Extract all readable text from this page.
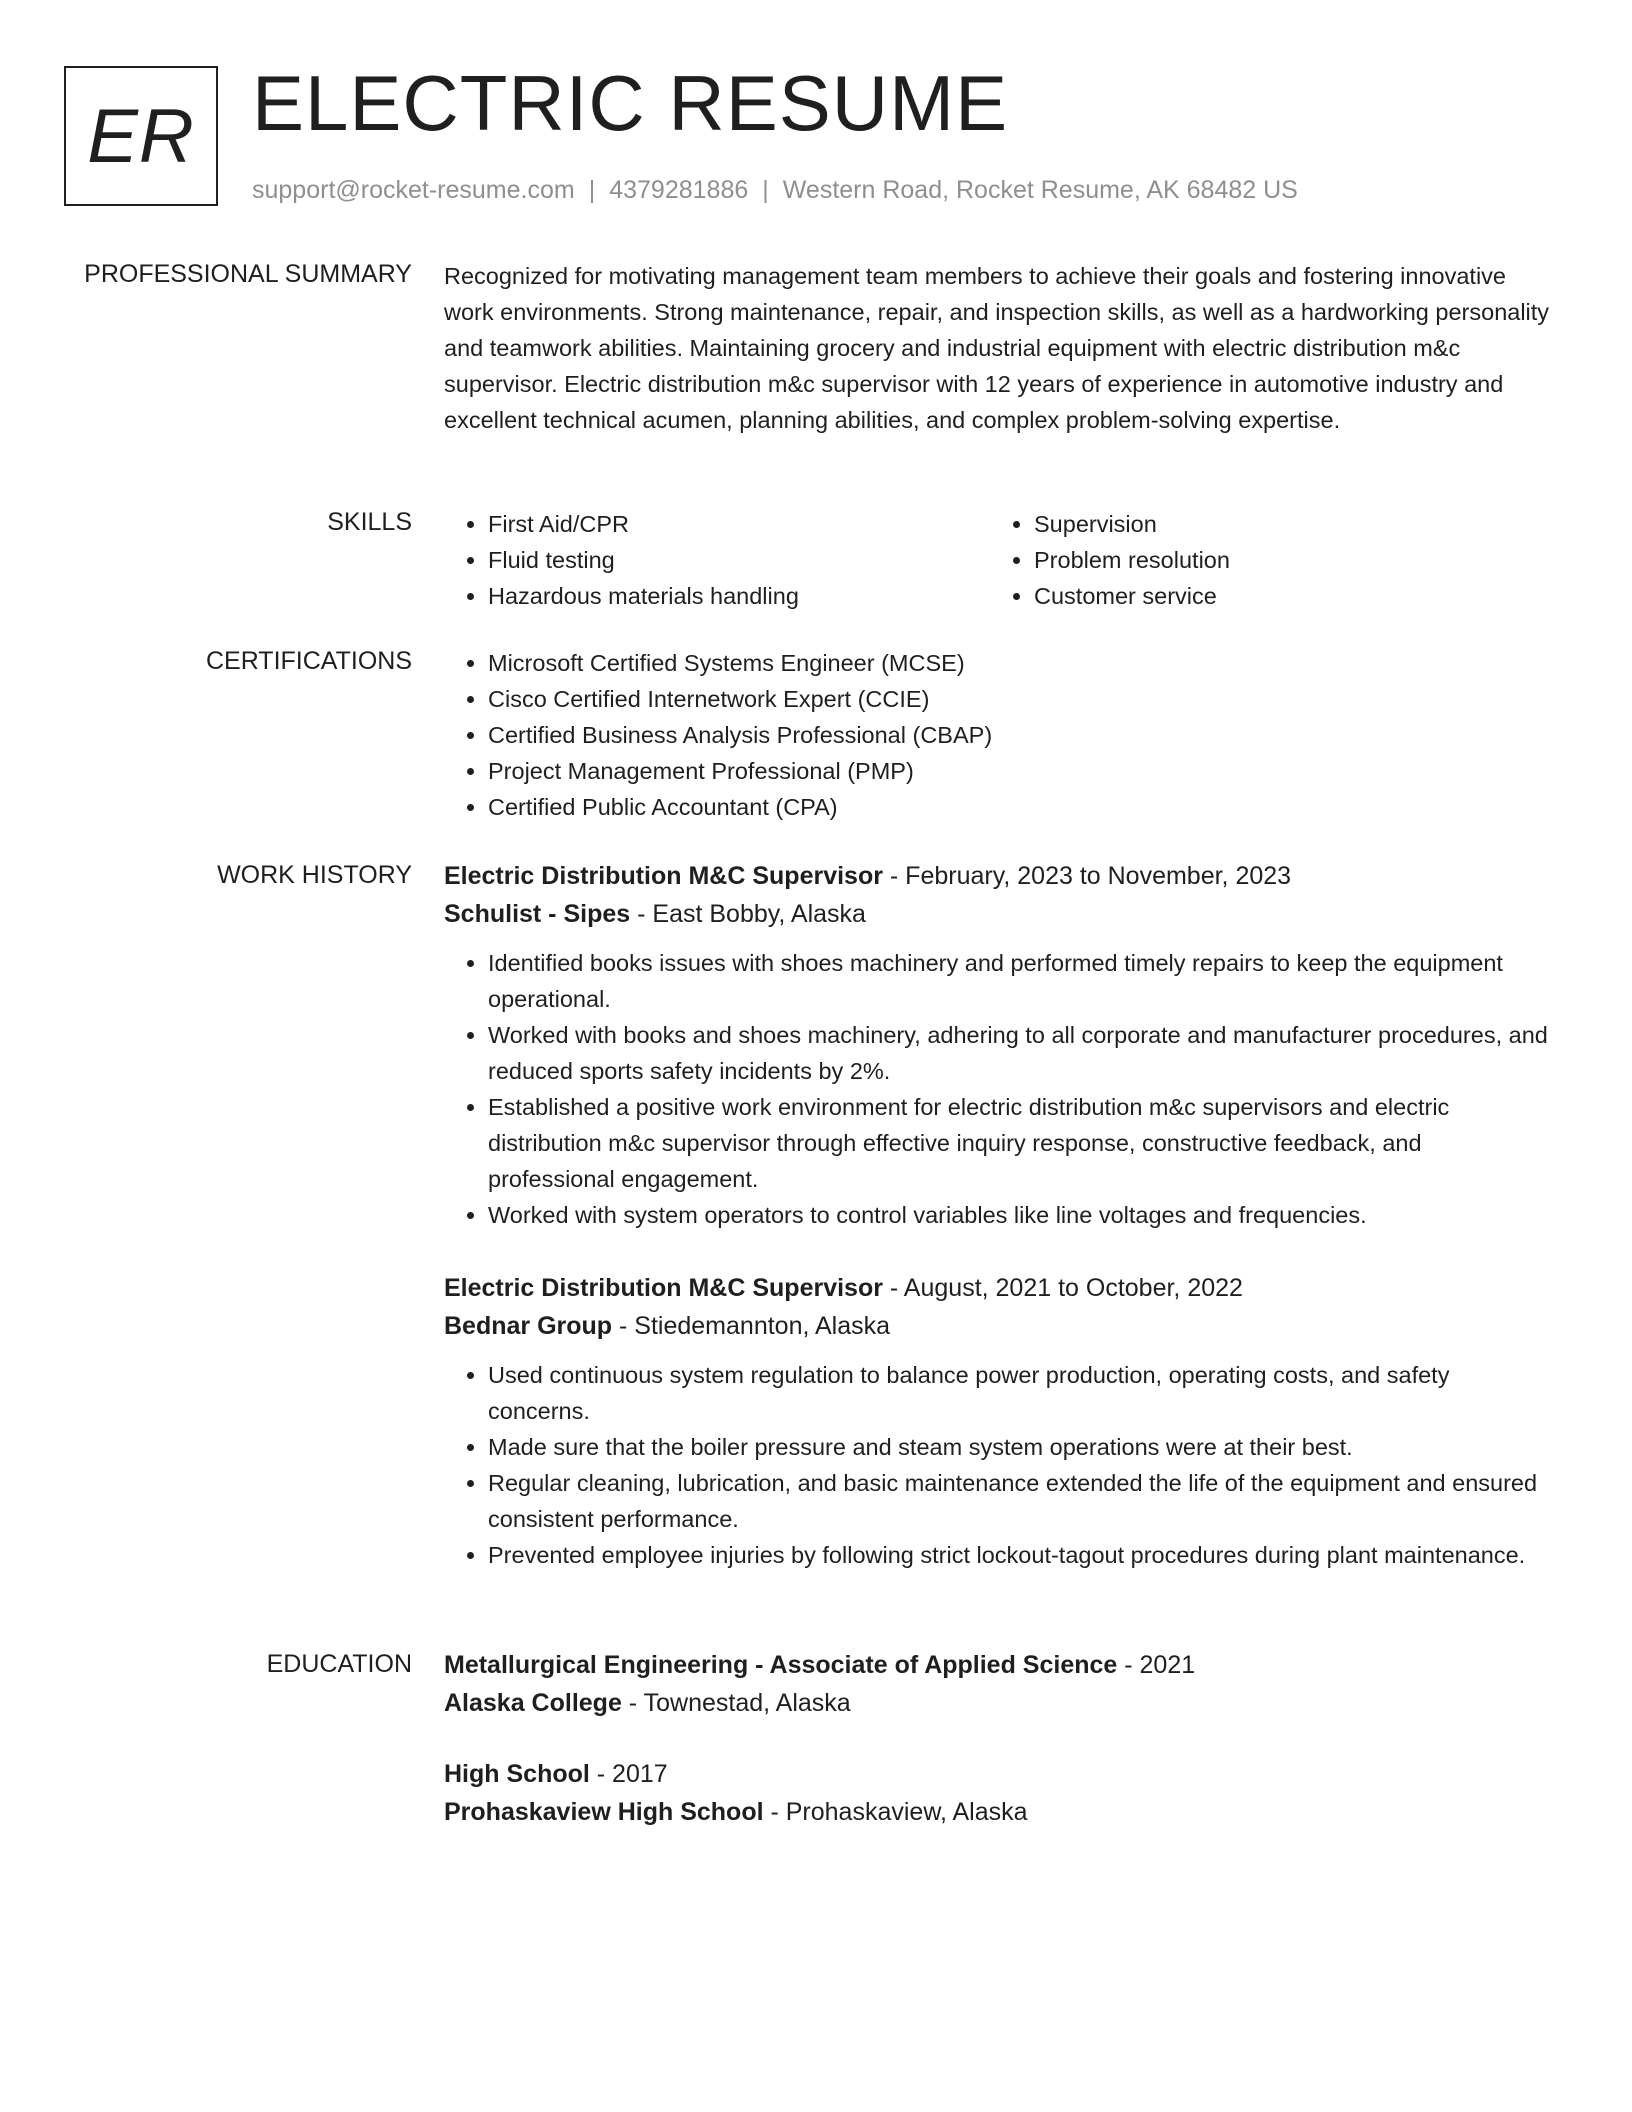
ER ELECTRIC RESUME
support@rocket-resume.com | 4379281886 | Western Road, Rocket Resume, AK 68482 US
PROFESSIONAL SUMMARY Recognized for motivating management team members to achieve their goals and fostering innovative work environments. Strong maintenance, repair, and inspection skills, as well as a hardworking personality and teamwork abilities. Maintaining grocery and industrial equipment with electric distribution m&c supervisor. Electric distribution m&c supervisor with 12 years of experience in automotive industry and excellent technical acumen, planning abilities, and complex problem-solving expertise.

SKILLS	• First Aid/CPR
• Fluid testing
• Hazardous materials handling
• Supervision
• Problem resolution
• Customer service
CERTIFICATIONS	• Microsoft Certified Systems Engineer (MCSE)
• Cisco Certified Internetwork Expert (CCIE)
• Certified Business Analysis Professional (CBAP)
• Project Management Professional (PMP)
• Certified Public Accountant (CPA)
WORK HISTORY Electric Distribution M&C Supervisor - February, 2023 to November, 2023
Schulist - Sipes - East Bobby, Alaska
• Identified books issues with shoes machinery and performed timely repairs to keep the equipment operational.
• Worked with books and shoes machinery, adhering to all corporate and manufacturer procedures, and reduced sports safety incidents by 2%.
• Established a positive work environment for electric distribution m&c supervisors and electric distribution m&c supervisor through effective inquiry response, constructive feedback, and professional engagement.
• Worked with system operators to control variables like line voltages and frequencies.
Electric Distribution M&C Supervisor - August, 2021 to October, 2022
Bednar Group - Stiedemannton, Alaska
• Used continuous system regulation to balance power production, operating costs, and safety concerns.
• Made sure that the boiler pressure and steam system operations were at their best.
• Regular cleaning, lubrication, and basic maintenance extended the life of the equipment and ensured consistent performance.
• Prevented employee injuries by following strict lockout-tagout procedures during plant maintenance.
EDUCATION Metallurgical Engineering - Associate of Applied Science - 2021
Alaska College - Townestad, Alaska
High School - 2017
Prohaskaview High School - Prohaskaview, Alaska
